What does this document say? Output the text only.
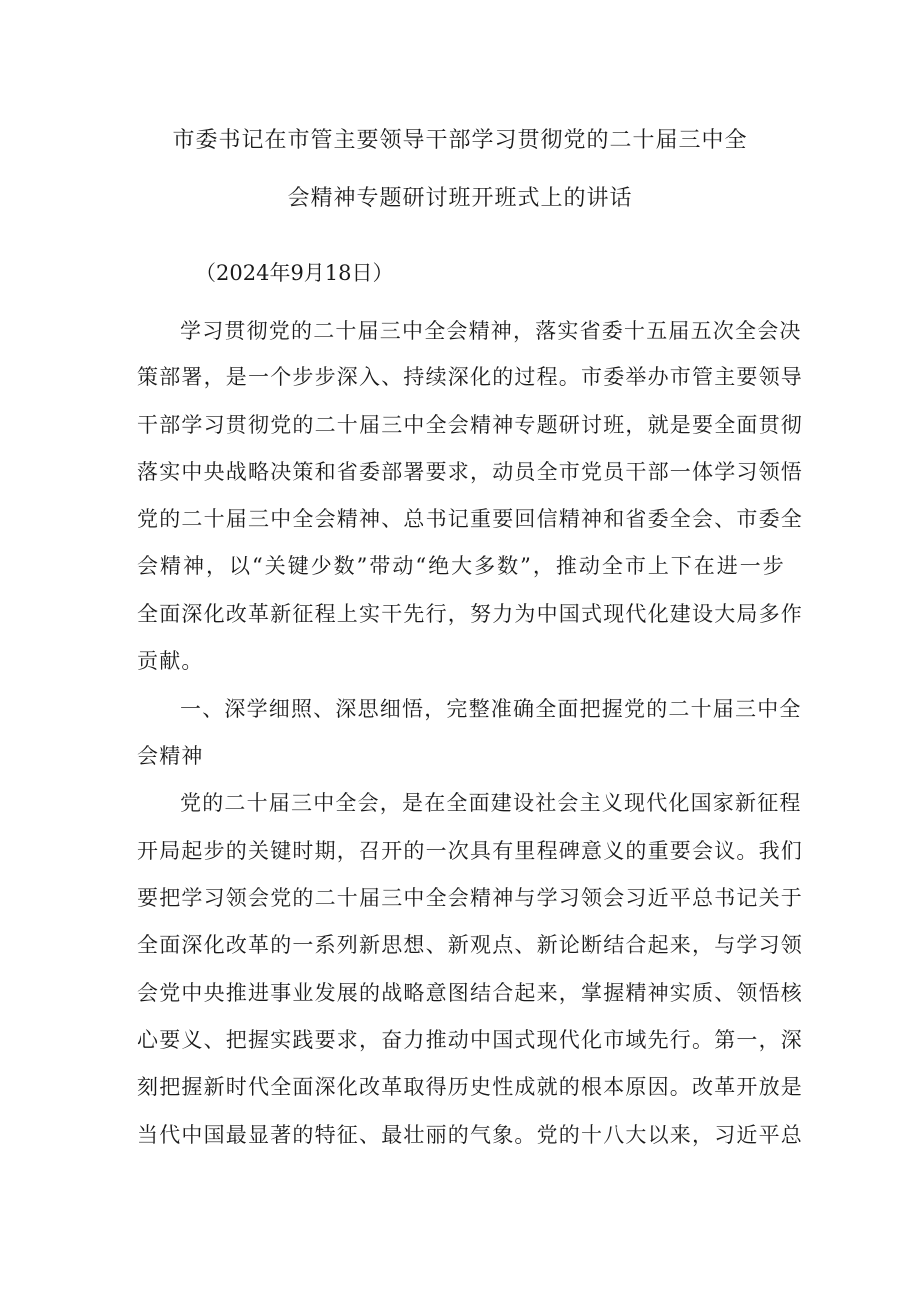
市委书记在市管主要领导干部学习贯彻党的二十届三中全
会精神专题研讨班开班式上的讲话
（2024年9月18日）
学习贯彻党的二十届三中全会精神，落实省委十五届五次全会决
策部署，是一个步步深入、持续深化的过程。市委举办市管主要领导
干部学习贯彻党的二十届三中全会精神专题研讨班，就是要全面贯彻
落实中央战略决策和省委部署要求，动员全市党员干部一体学习领悟
党的二十届三中全会精神、总书记重要回信精神和省委全会、市委全
会精神，以“关键少数”带动“绝大多数”，推动全市上下在进一步
全面深化改革新征程上实干先行，努力为中国式现代化建设大局多作
贡献。
一、深学细照、深思细悟，完整准确全面把握党的二十届三中全
会精神
党的二十届三中全会，是在全面建设社会主义现代化国家新征程
开局起步的关键时期，召开的一次具有里程碑意义的重要会议。我们
要把学习领会党的二十届三中全会精神与学习领会习近平总书记关于
全面深化改革的一系列新思想、新观点、新论断结合起来，与学习领
会党中央推进事业发展的战略意图结合起来，掌握精神实质、领悟核
心要义、把握实践要求，奋力推动中国式现代化市域先行。第一，深
刻把握新时代全面深化改革取得历史性成就的根本原因。改革开放是
当代中国最显著的特征、最壮丽的气象。党的十八大以来，习近平总
